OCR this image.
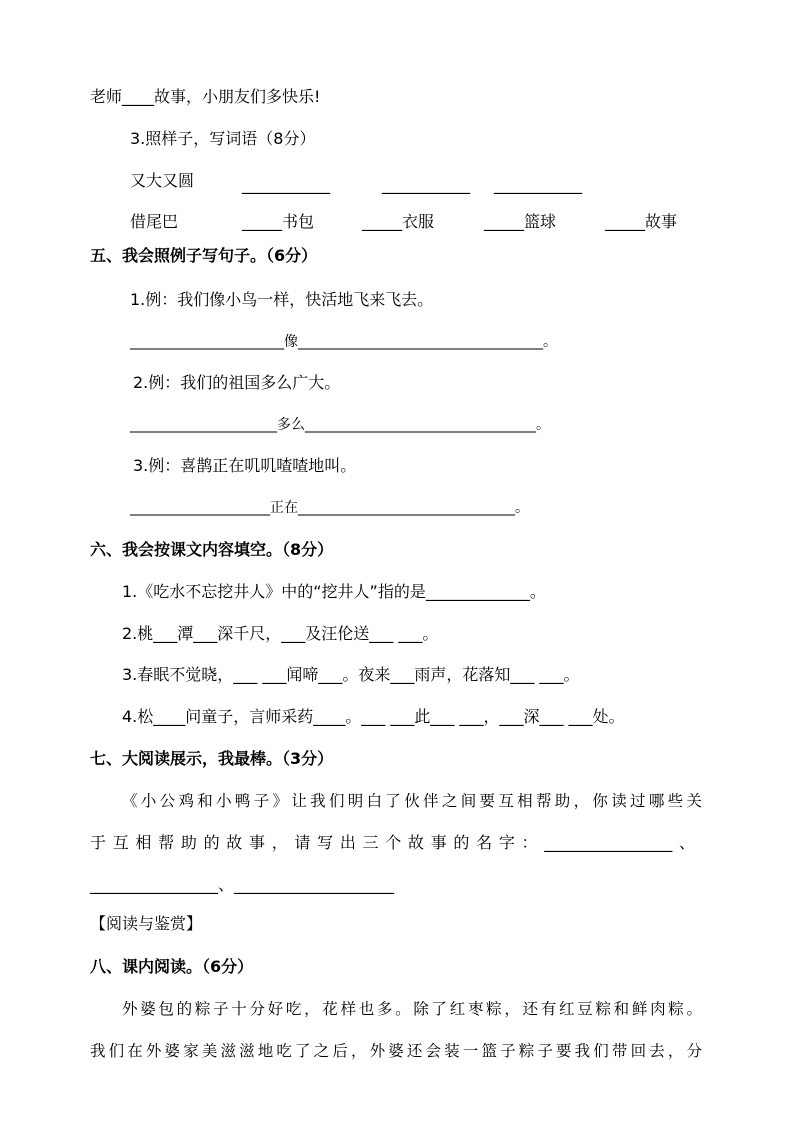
老师____故事，小朋友们多快乐!
3.照样子，写词语（8分）
又大又圆	___________	___________ ___________
借尾巴	_____书包	_____衣服	_____篮球	_____故事
五、我会照例子写句子。（6分）
1.例：我们像小鸟一样，快活地飞来飞去。
______________________像___________________________________。
2.例：我们的祖国多么广大。
_____________________多么_________________________________。
3.例：喜鹊正在叽叽喳喳地叫。
____________________正在_______________________________。
六、我会按课文内容填空。（8分）
1.《吃水不忘挖井人》中的“挖井人”指的是_____________。
2.桃___潭___深千尺，___及汪伦送___ ___。
3.春眠不觉晓，___ ___闻啼___。夜来___雨声，花落知___ ___。
4.松____问童子，言师采药____。___ ___此___ ___，___深___ ___处。
七、大阅读展示，我最棒。（3分）
《小公鸡和小鸭子》让我们明白了伙伴之间要互相帮助，你读过哪些关
于互相帮助的故事，请写出三个故事的名字：________________、
________________、____________________
【阅读与鉴赏】
八、课内阅读。（6分）
外婆包的粽子十分好吃，花样也多。除了红枣粽，还有红豆粽和鲜肉粽。
我们在外婆家美滋滋地吃了之后，外婆还会装一篮子粽子要我们带回去，分
